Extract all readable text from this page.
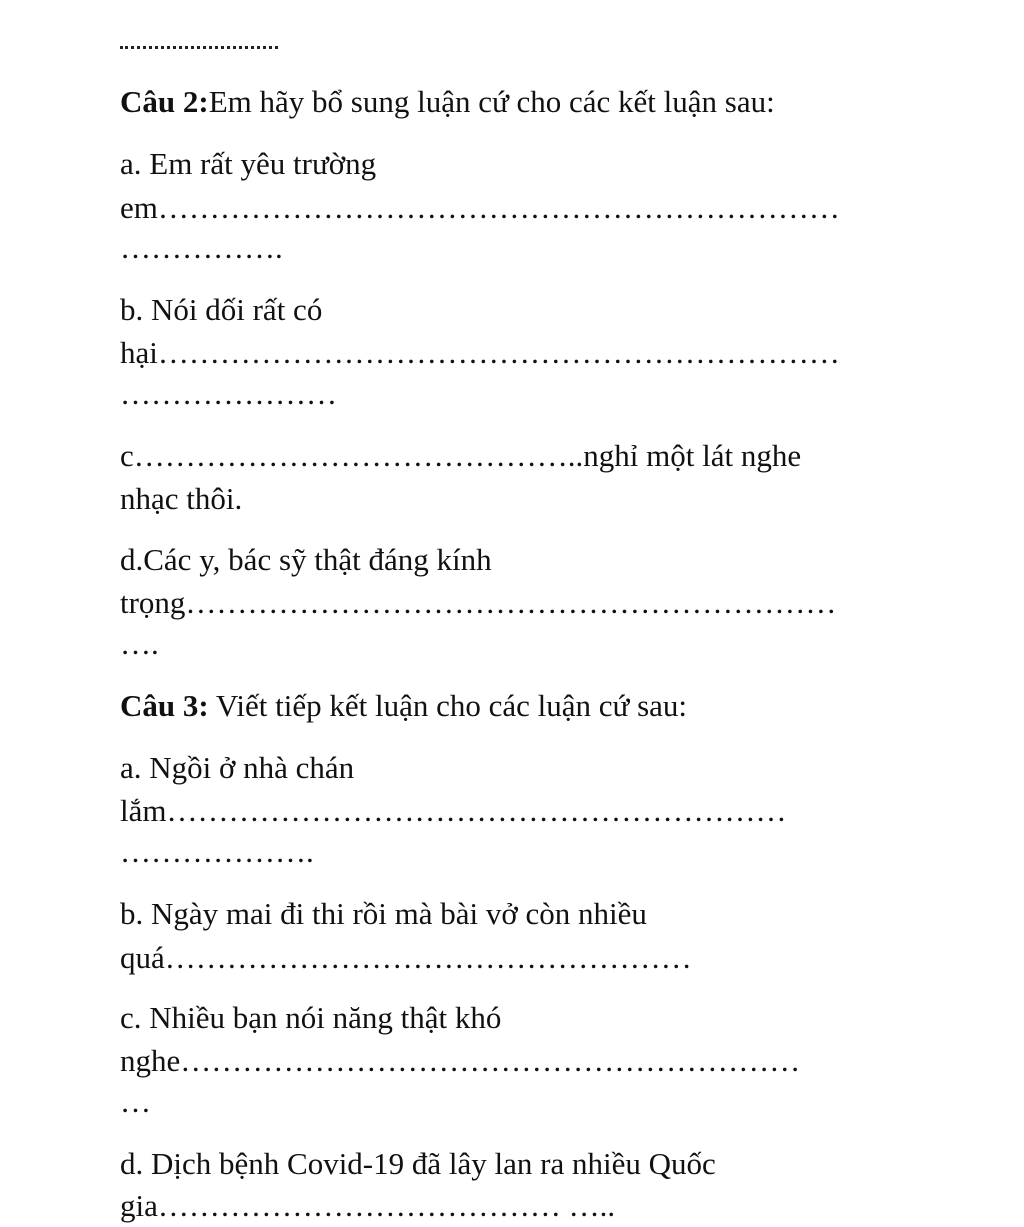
Câu 2:Em hãy bổ sung luận cứ cho các kết luận sau:
a. Em rất yêu trường
em…………………………………………………………
…………….
b. Nói dối rất có
hại…………………………………………………………
…………………
c……………………………………..nghỉ một lát nghe
nhạc thôi.
d.Các y, bác sỹ thật đáng kính
trọng………………………………………………………
….
Câu 3: Viết tiếp kết luận cho các luận cứ sau:
a. Ngồi ở nhà chán
lắm……………………………………………………
……………….
b. Ngày mai đi thi rồi mà bài vở còn nhiều
quá……………………………………………
c. Nhiều bạn nói năng thật khó
nghe……………………………………………………
…
d. Dịch bệnh Covid-19 đã lây lan ra nhiều Quốc
gia………………………………… …..
